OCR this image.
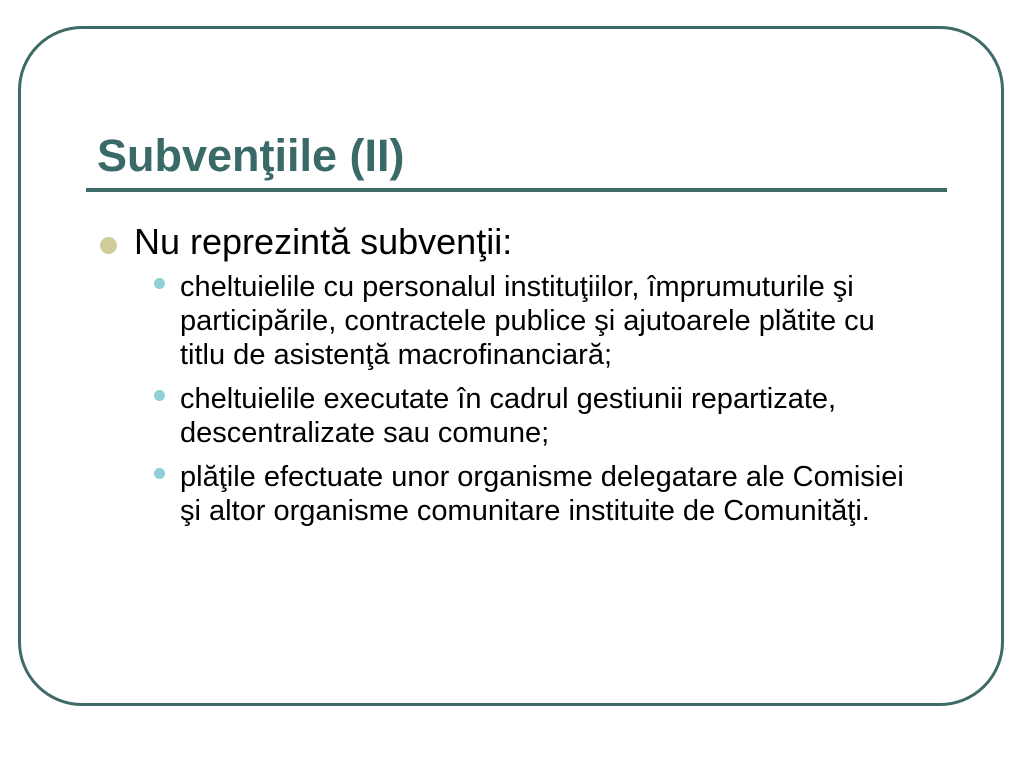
Subvenţiile (II)
Nu reprezintă subvenţii:
cheltuielile cu personalul instituţiilor, împrumuturile şi participările, contractele publice şi ajutoarele plătite cu titlu de asistenţă macrofinanciară;
cheltuielile executate în cadrul gestiunii repartizate, descentralizate sau comune;
plăţile efectuate unor organisme delegatare ale Comisiei şi altor organisme comunitare instituite de Comunităţi.
